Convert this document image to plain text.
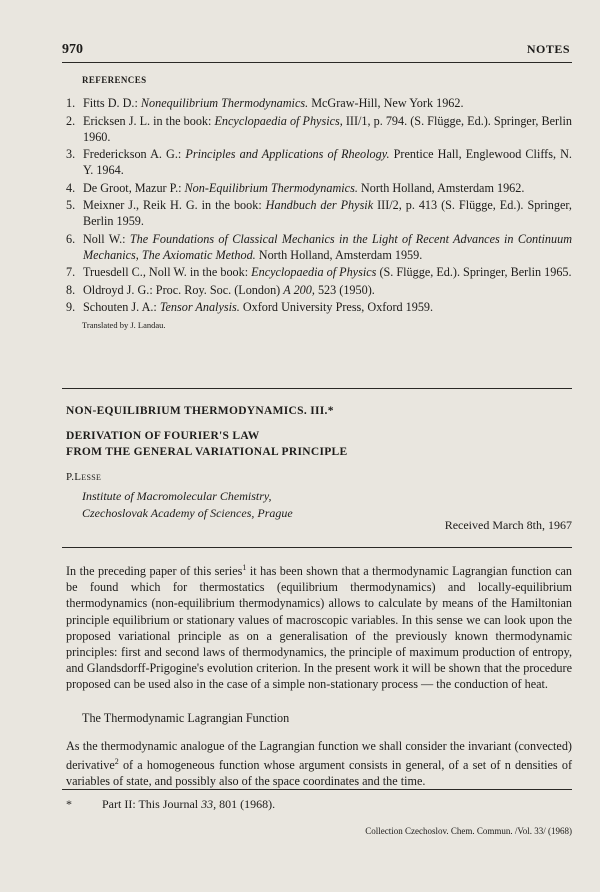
970	NOTES
REFERENCES
1. Fitts D. D.: Nonequilibrium Thermodynamics. McGraw-Hill, New York 1962.
2. Ericksen J. L. in the book: Encyclopaedia of Physics, III/1, p. 794. (S. Flügge, Ed.). Springer, Berlin 1960.
3. Frederickson A. G.: Principles and Applications of Rheology. Prentice Hall, Englewood Cliffs, N. Y. 1964.
4. De Groot, Mazur P.: Non-Equilibrium Thermodynamics. North Holland, Amsterdam 1962.
5. Meixner J., Reik H. G. in the book: Handbuch der Physik III/2, p. 413 (S. Flügge, Ed.). Springer, Berlin 1959.
6. Noll W.: The Foundations of Classical Mechanics in the Light of Recent Advances in Continuum Mechanics, The Axiomatic Method. North Holland, Amsterdam 1959.
7. Truesdell C., Noll W. in the book: Encyclopaedia of Physics (S. Flügge, Ed.). Springer, Berlin 1965.
8. Oldroyd J. G.: Proc. Roy. Soc. (London) A 200, 523 (1950).
9. Schouten J. A.: Tensor Analysis. Oxford University Press, Oxford 1959.
Translated by J. Landau.
NON-EQUILIBRIUM THERMODYNAMICS. III.*
DERIVATION OF FOURIER'S LAW
FROM THE GENERAL VARIATIONAL PRINCIPLE
P.Lesse
Institute of Macromolecular Chemistry,
Czechoslovak Academy of Sciences, Prague
Received March 8th, 1967

In the preceding paper of this series$^1$ it has been shown that a thermodynamic Lagrangian function can be found which for thermostatics (equilibrium thermodynamics) and locally-equilibrium thermodynamics (non-equilibrium thermodynamics) allows to calculate by means of the Hamiltonian principle equilibrium or stationary values of macroscopic variables. In this sense we can look upon the proposed variational principle as on a generalisation of the previously known thermodynamic principles: first and second laws of thermodynamics, the principle of maximum production of entropy, and Glandsdorff-Prigogine's evolution criterion. In the present work it will be shown that the procedure proposed can be used also in the case of a simple non-stationary process — the conduction of heat.

The Thermodynamic Lagrangian Function

As the thermodynamic analogue of the Lagrangian function we shall consider the invariant (convected) derivative$^2$ of a homogeneous function whose argument consists in general, of a set of n densities of variables of state, and possibly also of the space coordinates and the time.

*	Part II: This Journal 33, 801 (1968).
Collection Czechoslov. Chem. Commun. /Vol. 33/ (1968)
